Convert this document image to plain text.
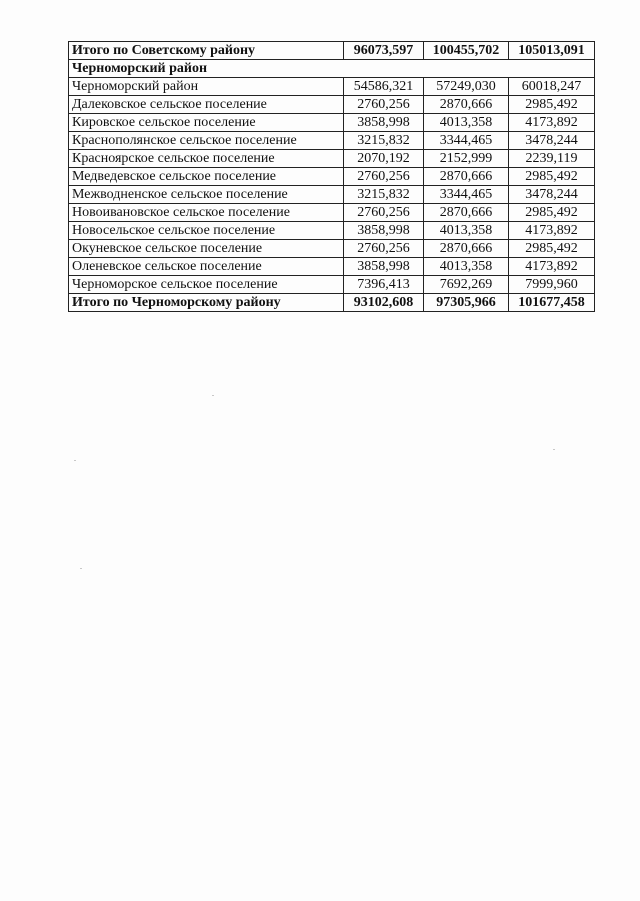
Итого по Советскому району	96073,597	100455,702	105013,091
Черноморский район			
Черноморский район	54586,321	57249,030	60018,247
Далековское сельское поселение	2760,256	2870,666	2985,492
Кировское сельское поселение	3858,998	4013,358	4173,892
Краснополянское сельское поселение	3215,832	3344,465	3478,244
Красноярское сельское поселение	2070,192	2152,999	2239,119
Медведевское сельское поселение	2760,256	2870,666	2985,492
Межводненское сельское поселение	3215,832	3344,465	3478,244
Новоивановское сельское поселение	2760,256	2870,666	2985,492
Новосельское сельское поселение	3858,998	4013,358	4173,892
Окуневское сельское поселение	2760,256	2870,666	2985,492
Оленевское сельское поселение	3858,998	4013,358	4173,892
Черноморское сельское поселение	7396,413	7692,269	7999,960
Итого по Черноморскому району	93102,608	97305,966	101677,458
